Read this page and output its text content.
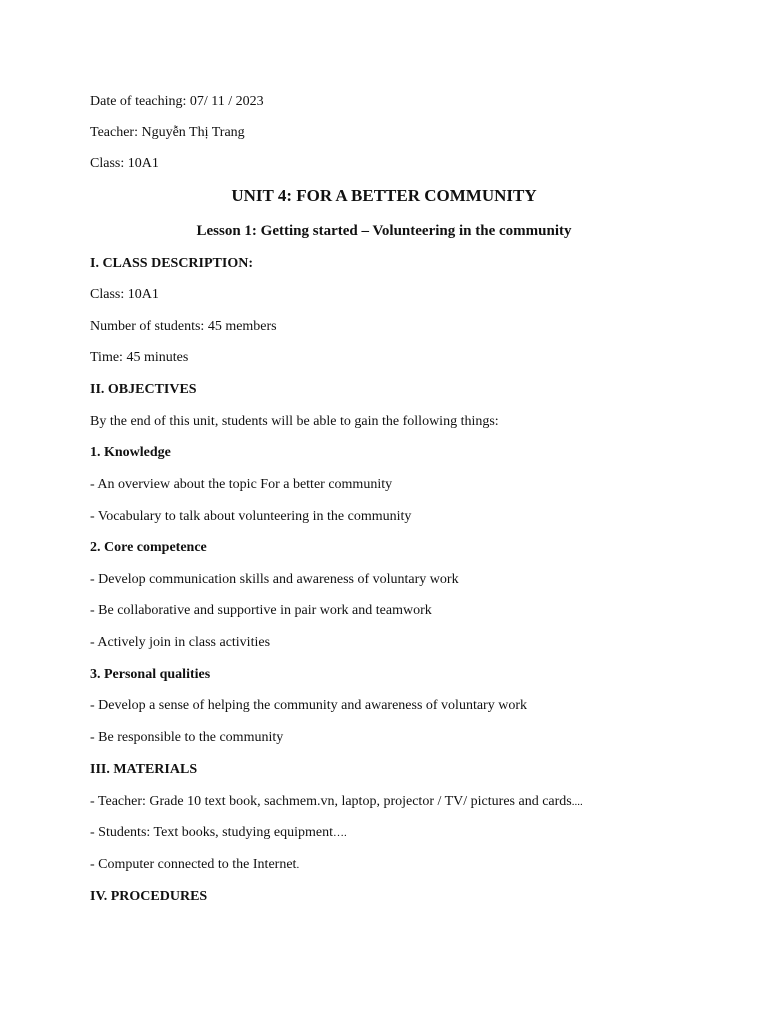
Date of teaching: 07/ 11 / 2023
Teacher: Nguyễn Thị Trang
Class: 10A1
UNIT 4: FOR A BETTER COMMUNITY
Lesson 1: Getting started – Volunteering in the community
I. CLASS DESCRIPTION:
Class: 10A1
Number of students: 45 members
Time: 45 minutes
II. OBJECTIVES
By the end of this unit, students will be able to gain the following things:
1. Knowledge
- An overview about the topic For a better community
- Vocabulary to talk about volunteering in the community
2. Core competence
- Develop communication skills and awareness of voluntary work
- Be collaborative and supportive in pair work and teamwork
- Actively join in class activities
3. Personal qualities
- Develop a sense of helping the community and awareness of voluntary work
- Be responsible to the community
III. MATERIALS
- Teacher: Grade 10 text book, sachmem.vn, laptop, projector / TV/ pictures and cards....
- Students: Text books, studying equipment….
- Computer connected to the Internet.
IV. PROCEDURES
